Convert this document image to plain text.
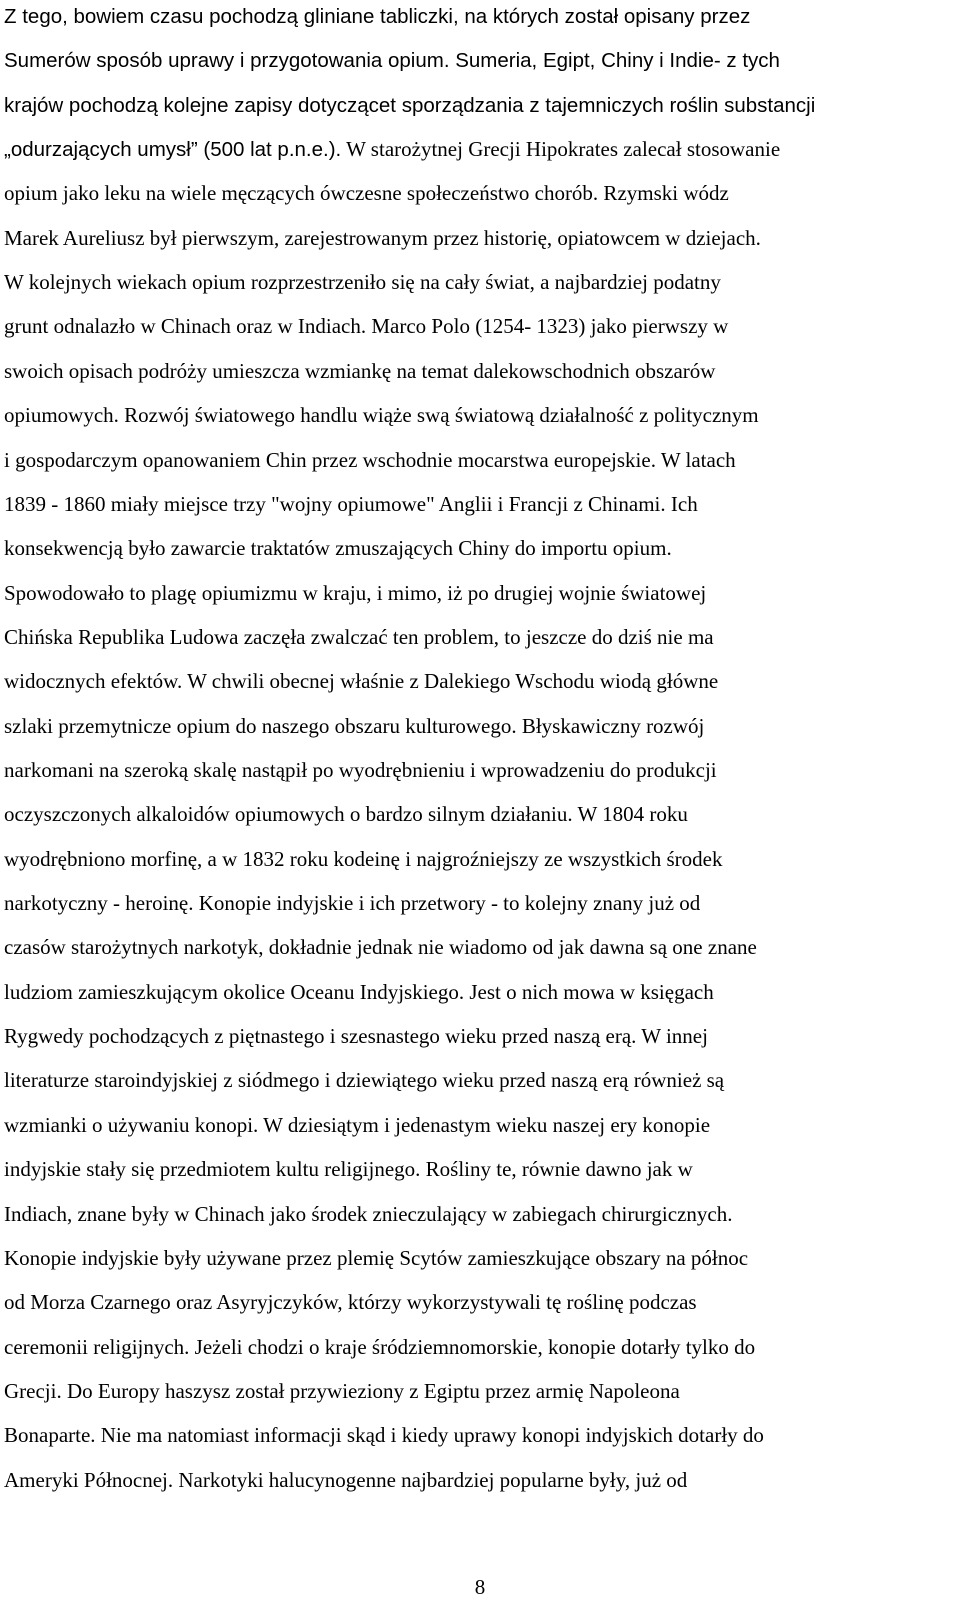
Z tego, bowiem czasu pochodzą gliniane tabliczki, na których został opisany przez
Sumerów sposób uprawy i przygotowania opium. Sumeria, Egipt, Chiny i Indie- z tych
krajów pochodzą kolejne zapisy dotyczącet sporządzania z tajemniczych roślin substancji
„odurzających umysł” (500 lat p.n.e.). W starożytnej Grecji Hipokrates zalecał stosowanie
opium jako leku na wiele męczących ówczesne społeczeństwo chorób. Rzymski wódz
Marek Aureliusz był pierwszym, zarejestrowanym przez historię, opiatowcem w dziejach.
W kolejnych wiekach opium rozprzestrzeniło się na cały świat, a najbardziej podatny
grunt odnalazło w Chinach oraz w Indiach. Marco Polo (1254- 1323) jako pierwszy w
swoich opisach podróży umieszcza wzmiankę na temat dalekowschodnich obszarów
opiumowych. Rozwój światowego handlu wiąże swą światową działalność z politycznym
i gospodarczym opanowaniem Chin przez wschodnie mocarstwa europejskie. W latach
1839 - 1860 miały miejsce trzy "wojny opiumowe" Anglii i Francji z Chinami. Ich
konsekwencją było zawarcie traktatów zmuszających Chiny do importu opium.
Spowodowało to plagę opiumizmu w kraju, i mimo, iż po drugiej wojnie światowej
Chińska Republika Ludowa zaczęła zwalczać ten problem, to jeszcze do dziś nie ma
widocznych efektów. W chwili obecnej właśnie z Dalekiego Wschodu wiodą główne
szlaki przemytnicze opium do naszego obszaru kulturowego. Błyskawiczny rozwój
narkomani na szeroką skalę nastąpił po wyodrębnieniu i wprowadzeniu do produkcji
oczyszczonych alkaloidów opiumowych o bardzo silnym działaniu. W 1804 roku
wyodrębniono morfinę, a w 1832 roku kodeinę i najgroźniejszy ze wszystkich środek
narkotyczny - heroinę. Konopie indyjskie i ich przetwory - to kolejny znany już od
czasów starożytnych narkotyk, dokładnie jednak nie wiadomo od jak dawna są one znane
ludziom zamieszkującym okolice Oceanu Indyjskiego. Jest o nich mowa w księgach
Rygwedy pochodzących z piętnastego i szesnastego wieku przed naszą erą. W innej
literaturze staroindyjskiej z siódmego i dziewiątego wieku przed naszą erą również są
wzmianki o używaniu konopi. W dziesiątym i jedenastym wieku naszej ery konopie
indyjskie stały się przedmiotem kultu religijnego. Rośliny te, równie dawno jak w
Indiach, znane były w Chinach jako środek znieczulający w zabiegach chirurgicznych.
Konopie indyjskie były używane przez plemię Scytów zamieszkujące obszary na północ
od Morza Czarnego oraz Asyryjczyków, którzy wykorzystywali tę roślinę podczas
ceremonii religijnych. Jeżeli chodzi o kraje śródziemnomorskie, konopie dotarły tylko do
Grecji. Do Europy haszysz został przywieziony z Egiptu przez armię Napoleona
Bonaparte. Nie ma natomiast informacji skąd i kiedy uprawy konopi indyjskich dotarły do
Ameryki Północnej. Narkotyki halucynogenne najbardziej popularne były, już od
8
